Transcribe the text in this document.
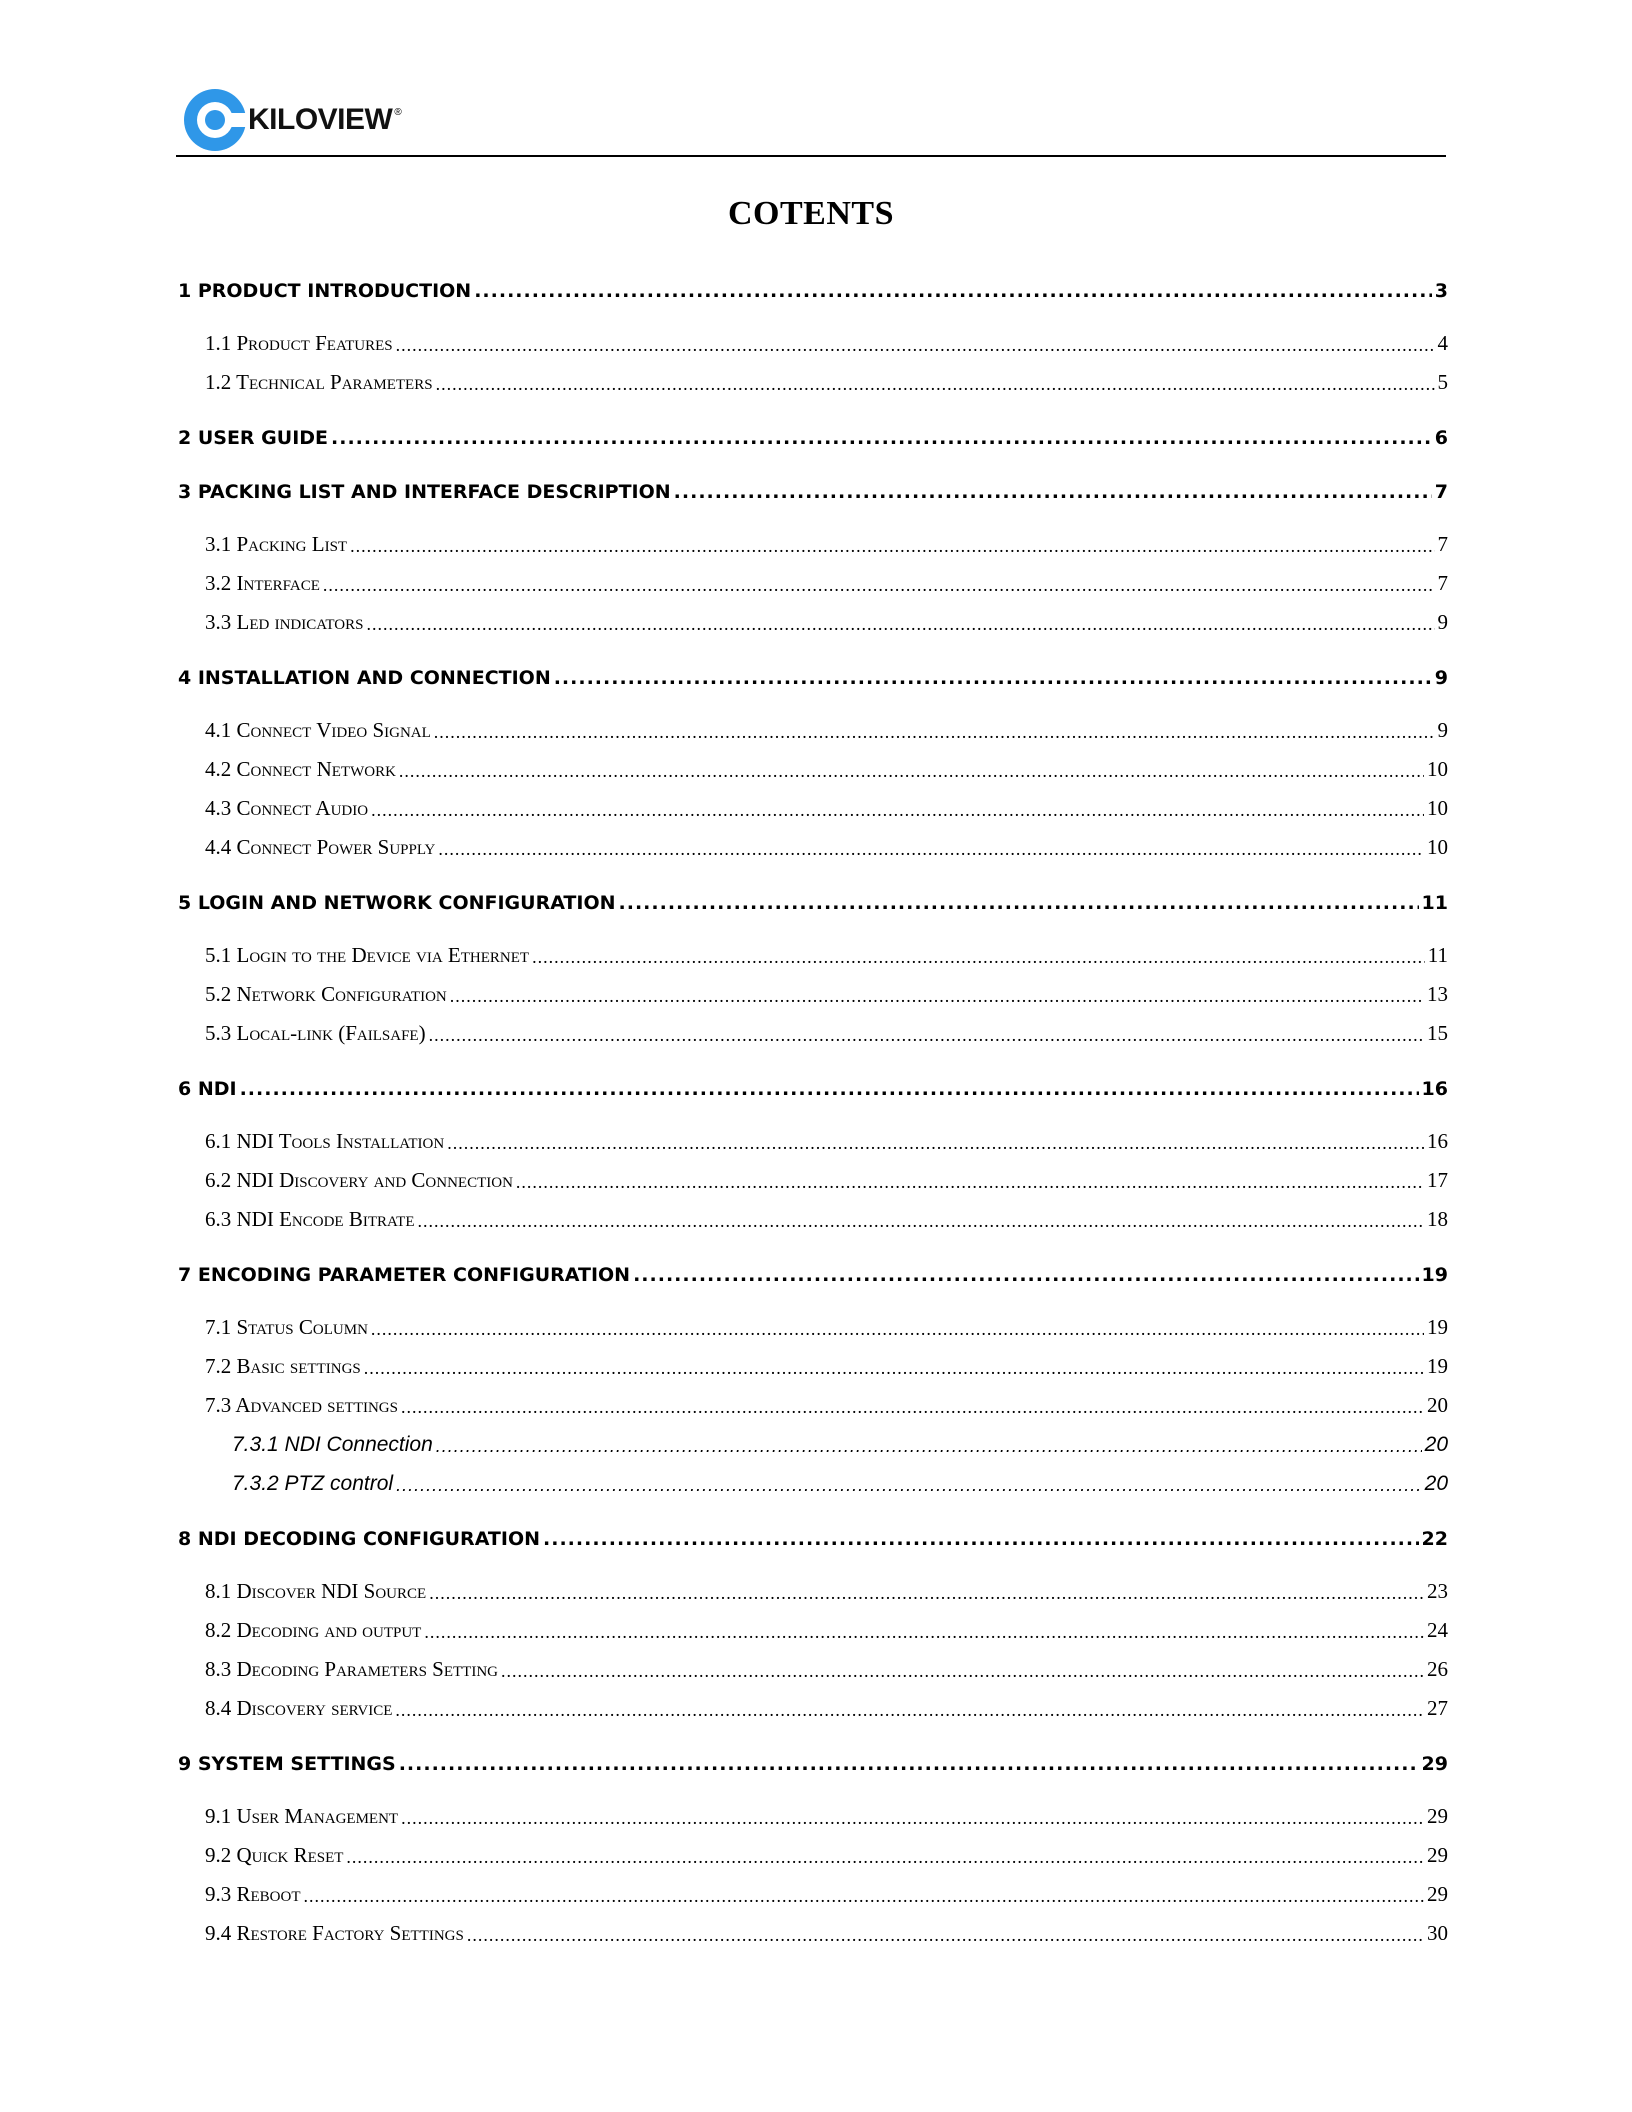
KILOVIEW ®
COTENTS
1 PRODUCT INTRODUCTION .....	3
1.1 Product Features .....	4
1.2 Technical Parameters .....	5
2 USER GUIDE .....	6
3 PACKING LIST AND INTERFACE DESCRIPTION .....	7
3.1 Packing List .....	7
3.2 Interface .....	7
3.3 Led indicators .....	9
4 INSTALLATION AND CONNECTION .....	9
4.1 Connect Video Signal .....	9
4.2 Connect Network .....	10
4.3 Connect Audio .....	10
4.4 Connect Power Supply .....	10
5 LOGIN AND NETWORK CONFIGURATION .....	11
5.1 Login to the Device via Ethernet .....	11
5.2 Network Configuration .....	13
5.3 Local-link (Failsafe) .....	15
6 NDI .....	16
6.1 NDI Tools Installation .....	16
6.2 NDI Discovery and Connection .....	17
6.3 NDI Encode Bitrate .....	18
7 ENCODING PARAMETER CONFIGURATION .....	19
7.1 Status Column .....	19
7.2 Basic settings .....	19
7.3 Advanced settings .....	20
7.3.1 NDI Connection .....	20
7.3.2 PTZ control .....	20
8 NDI DECODING CONFIGURATION .....	22
8.1 Discover NDI Source .....	23
8.2 Decoding and output .....	24
8.3 Decoding Parameters Setting .....	26
8.4 Discovery service .....	27
9 SYSTEM SETTINGS .....	29
9.1 User Management .....	29
9.2 Quick Reset .....	29
9.3 Reboot .....	29
9.4 Restore Factory Settings .....	30
